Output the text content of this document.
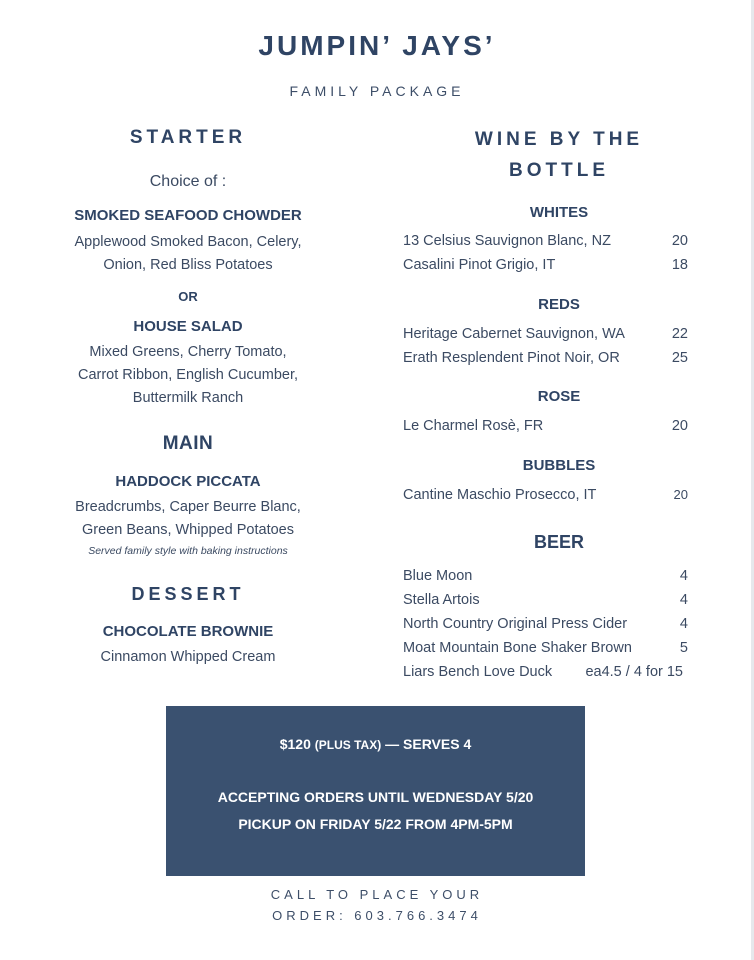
JUMPIN’ JAYS’
FAMILY PACKAGE
STARTER
Choice of :
SMOKED SEAFOOD CHOWDER
Applewood Smoked Bacon, Celery,
Onion, Red Bliss Potatoes
OR
HOUSE SALAD
Mixed Greens, Cherry Tomato,
Carrot Ribbon, English Cucumber,
Buttermilk Ranch
MAIN
HADDOCK PICCATA
Breadcrumbs, Caper Beurre Blanc,
Green Beans, Whipped Potatoes
Served family style with baking instructions
DESSERT
CHOCOLATE BROWNIE
Cinnamon Whipped Cream
WINE BY THE
BOTTLE
WHITES
13 Celsius Sauvignon Blanc, NZ	20
Casalini Pinot Grigio, IT	18
REDS
Heritage Cabernet Sauvignon, WA	22
Erath Resplendent Pinot Noir, OR	25
ROSE
Le Charmel Rosè, FR	20
BUBBLES
Cantine Maschio Prosecco, IT	20
BEER
Blue Moon	4
Stella Artois	4
North Country Original Press Cider	4
Moat Mountain Bone Shaker Brown	5
Liars Bench Love Duck ea4.5 / 4 for 15
$120 (PLUS TAX) — SERVES 4
ACCEPTING ORDERS UNTIL WEDNESDAY 5/20
PICKUP ON FRIDAY 5/22 FROM 4PM-5PM
CALL TO PLACE YOUR
ORDER: 603.766.3474
